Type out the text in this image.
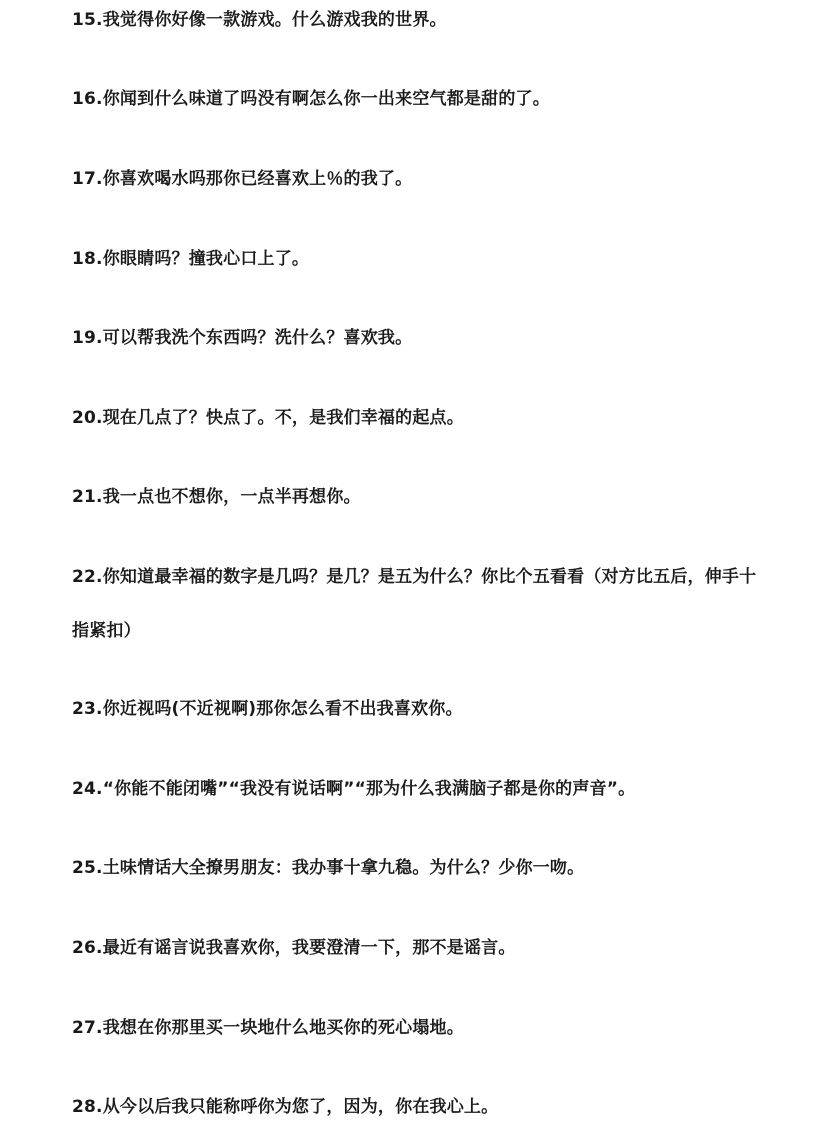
15.我觉得你好像一款游戏。什么游戏我的世界。

16.你闻到什么味道了吗没有啊怎么你一出来空气都是甜的了。

17.你喜欢喝水吗那你已经喜欢上％的我了。

18.你眼睛吗？撞我心口上了。

19.可以帮我洗个东西吗？洗什么？喜欢我。

20.现在几点了？快点了。不，是我们幸福的起点。

21.我一点也不想你，一点半再想你。

22.你知道最幸福的数字是几吗？是几？是五为什么？你比个五看看（对方比五后，伸手十

指紧扣）

23.你近视吗(不近视啊)那你怎么看不出我喜欢你。

24.“你能不能闭嘴”“我没有说话啊”“那为什么我满脑子都是你的声音”。

25.土味情话大全撩男朋友：我办事十拿九稳。为什么？少你一吻。

26.最近有谣言说我喜欢你，我要澄清一下，那不是谣言。

27.我想在你那里买一块地什么地买你的死心塌地。

28.从今以后我只能称呼你为您了，因为，你在我心上。
